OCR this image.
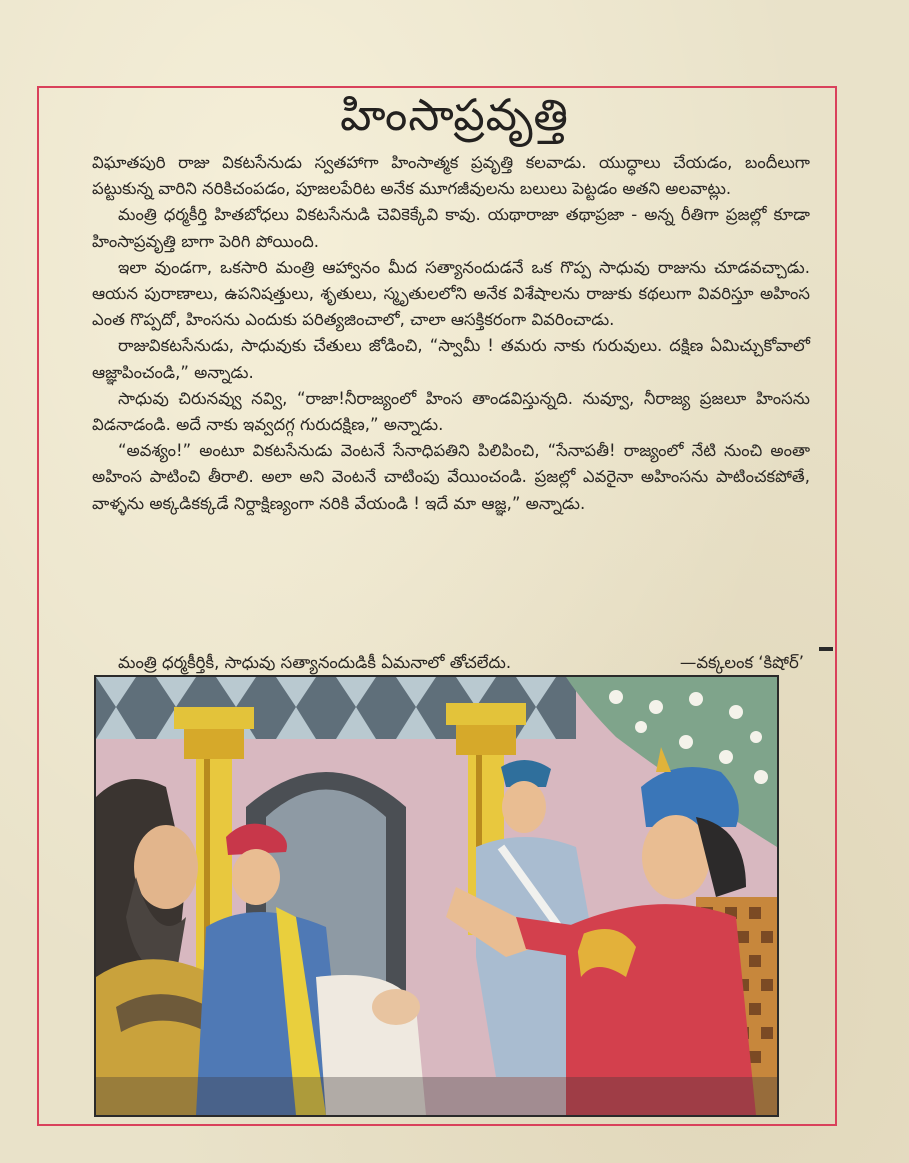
హింసాప్రవృత్తి

విఘాతపురి రాజు వికటసేనుడు స్వతహాగా హింసాత్మక ప్రవృత్తి కలవాడు. యుద్ధాలు చేయడం, బందీలుగా పట్టుకున్న వారిని నరికిచంపడం, పూజలపేరిట అనేక మూగజీవులను బలులు పెట్టడం అతని అలవాట్లు.

మంత్రి ధర్మకీర్తి హితబోధలు వికటసేనుడి చెవికెక్కేవి కావు. యథారాజా తథాప్రజా - అన్న రీతిగా ప్రజల్లో కూడా హింసాప్రవృత్తి బాగా పెరిగి పోయింది.

ఇలా వుండగా, ఒకసారి మంత్రి ఆహ్వానం మీద సత్యానందుడనే ఒక గొప్ప సాధువు రాజును చూడవచ్చాడు. ఆయన పురాణాలు, ఉపనిషత్తులు, శృతులు, స్మృతులలోని అనేక విశేషాలను రాజుకు కథలుగా వివరిస్తూ అహింస ఎంత గొప్పదో, హింసను ఎందుకు పరిత్యజించాలో, చాలా ఆసక్తికరంగా వివరించాడు.

రాజువికటసేనుడు, సాధువుకు చేతులు జోడించి, “స్వామీ ! తమరు నాకు గురువులు. దక్షిణ ఏమిచ్చుకోవాలో ఆజ్ఞాపించండి,” అన్నాడు.

సాధువు చిరునవ్వు నవ్వి, “రాజా!నీరాజ్యంలో హింస తాండవిస్తున్నది. నువ్వూ, నీరాజ్య ప్రజలూ హింసను విడనాడండి. అదే నాకు ఇవ్వదగ్గ గురుదక్షిణ,” అన్నాడు.

“అవశ్యం!” అంటూ వికటసేనుడు వెంటనే సేనాధిపతిని పిలిపించి, “సేనాపతీ! రాజ్యంలో నేటి నుంచి అంతా అహింస పాటించి తీరాలి. అలా అని వెంటనే చాటింపు వేయించండి. ప్రజల్లో ఎవరైనా అహింసను పాటించకపోతే, వాళ్ళను అక్కడికక్కడే నిర్దాక్షిణ్యంగా నరికి వేయండి ! ఇదే మా ఆజ్ఞ,” అన్నాడు.

మంత్రి ధర్మకీర్తికీ, సాధువు సత్యానందుడికీ ఏమనాలో తోచలేదు.	—వక్కలంక ‘కిషోర్’
